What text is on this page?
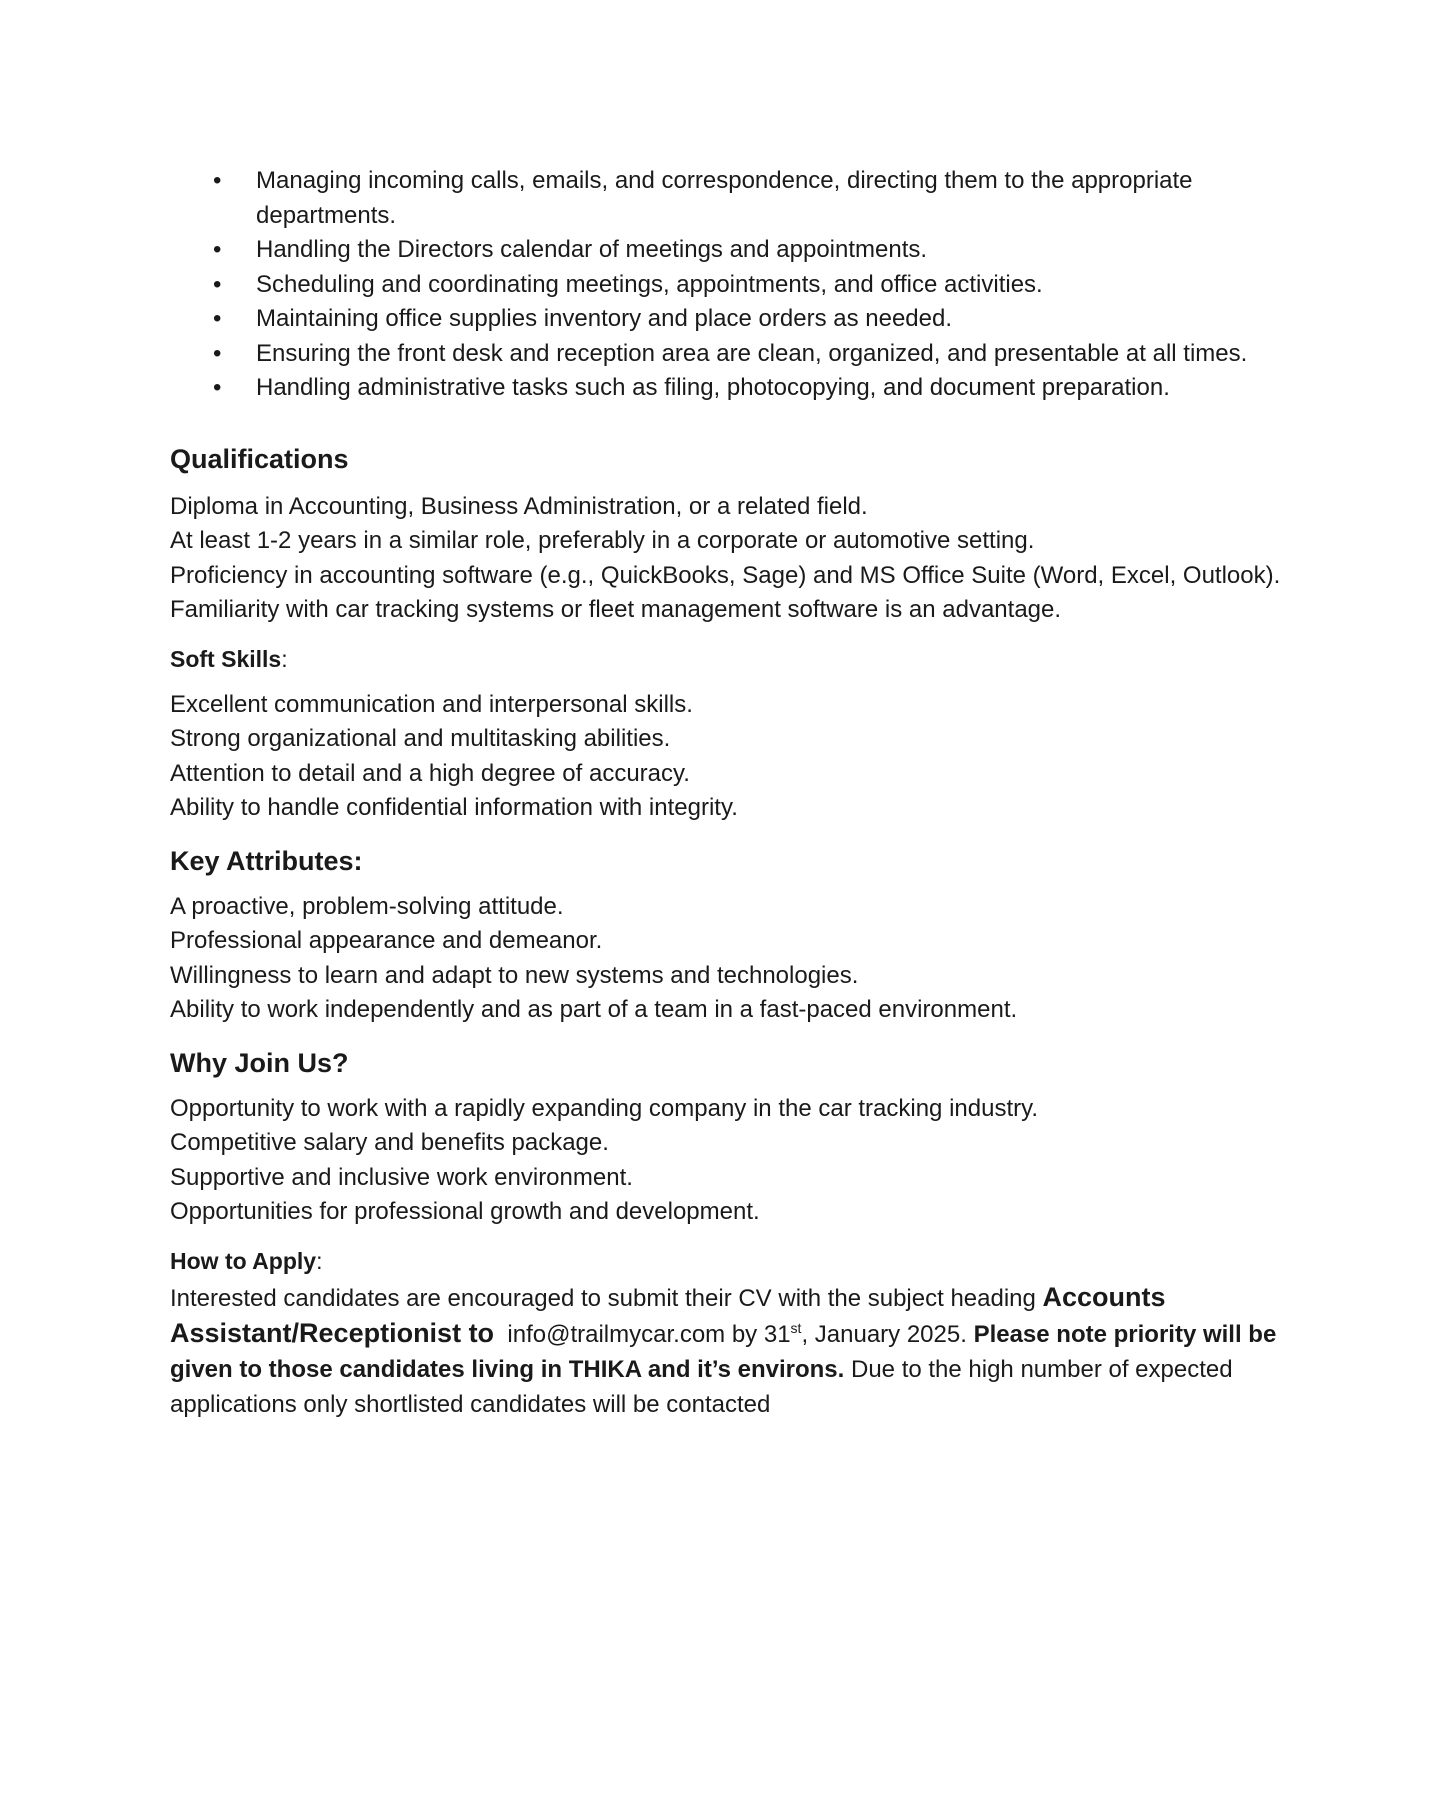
• Managing incoming calls, emails, and correspondence, directing them to the appropriate departments.
• Handling the Directors calendar of meetings and appointments.
• Scheduling and coordinating meetings, appointments, and office activities.
• Maintaining office supplies inventory and place orders as needed.
• Ensuring the front desk and reception area are clean, organized, and presentable at all times.
• Handling administrative tasks such as filing, photocopying, and document preparation.
Qualifications

Diploma in Accounting, Business Administration, or a related field.

At least 1-2 years in a similar role, preferably in a corporate or automotive setting.

Proficiency in accounting software (e.g., QuickBooks, Sage) and MS Office Suite (Word, Excel, Outlook).

Familiarity with car tracking systems or fleet management software is an advantage.

Soft Skills:

Excellent communication and interpersonal skills.

Strong organizational and multitasking abilities.

Attention to detail and a high degree of accuracy.

Ability to handle confidential information with integrity.

Key Attributes:

A proactive, problem-solving attitude.

Professional appearance and demeanor.

Willingness to learn and adapt to new systems and technologies.

Ability to work independently and as part of a team in a fast-paced environment.

Why Join Us?

Opportunity to work with a rapidly expanding company in the car tracking industry.

Competitive salary and benefits package.

Supportive and inclusive work environment.

Opportunities for professional growth and development.

How to Apply:

Interested candidates are encouraged to submit their CV with the subject heading Accounts Assistant/Receptionist to info@trailmycar.com by 31st, January 2025. Please note priority will be given to those candidates living in THIKA and it’s environs. Due to the high number of expected applications only shortlisted candidates will be contacted
